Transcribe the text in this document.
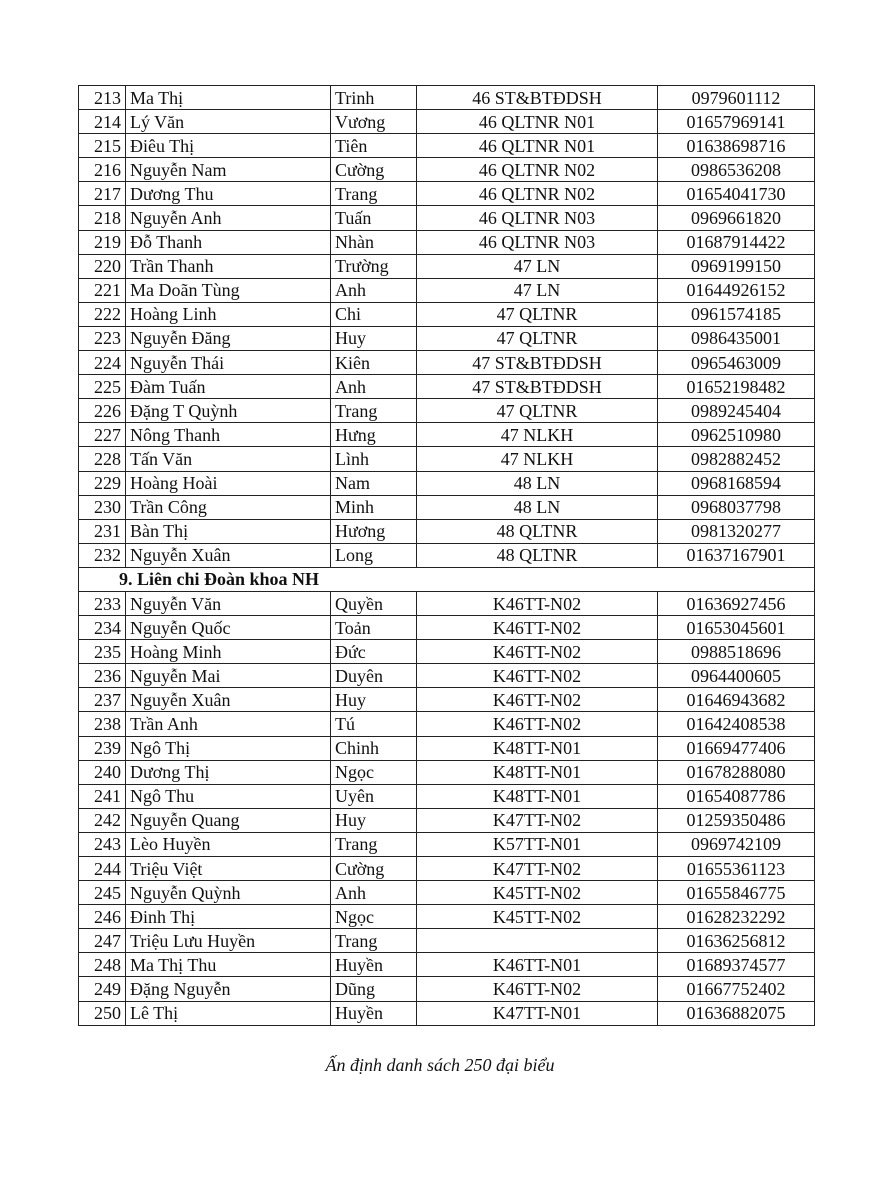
213	Ma Thị	Trinh	46 ST&BTĐDSH	0979601112
214	Lý Văn	Vương	46 QLTNR N01	01657969141
215	Điêu Thị	Tiên	46 QLTNR N01	01638698716
216	Nguyễn Nam	Cường	46 QLTNR N02	0986536208
217	Dương Thu	Trang	46 QLTNR N02	01654041730
218	Nguyễn Anh	Tuấn	46 QLTNR N03	0969661820
219	Đỗ Thanh	Nhàn	46 QLTNR N03	01687914422
220	Trần Thanh	Trường	47 LN	0969199150
221	Ma Doãn Tùng	Anh	47 LN	01644926152
222	Hoàng Linh	Chi	47 QLTNR	0961574185
223	Nguyễn Đăng	Huy	47 QLTNR	0986435001
224	Nguyễn Thái	Kiên	47 ST&BTĐDSH	0965463009
225	Đàm Tuấn	Anh	47 ST&BTĐDSH	01652198482
226	Đặng T Quỳnh	Trang	47 QLTNR	0989245404
227	Nông Thanh	Hưng	47 NLKH	0962510980
228	Tấn Văn	Lình	47 NLKH	0982882452
229	Hoàng Hoài	Nam	48 LN	0968168594
230	Trần Công	Minh	48 LN	0968037798
231	Bàn Thị	Hương	48 QLTNR	0981320277
232	Nguyễn Xuân	Long	48 QLTNR	01637167901
9. Liên chi Đoàn khoa NH				
233	Nguyễn Văn	Quyền	K46TT-N02	01636927456
234	Nguyễn Quốc	Toản	K46TT-N02	01653045601
235	Hoàng Minh	Đức	K46TT-N02	0988518696
236	Nguyễn Mai	Duyên	K46TT-N02	0964400605
237	Nguyễn Xuân	Huy	K46TT-N02	01646943682
238	Trần Anh	Tú	K46TT-N02	01642408538
239	Ngô Thị	Chinh	K48TT-N01	01669477406
240	Dương Thị	Ngọc	K48TT-N01	01678288080
241	Ngô Thu	Uyên	K48TT-N01	01654087786
242	Nguyễn Quang	Huy	K47TT-N02	01259350486
243	Lèo Huyền	Trang	K57TT-N01	0969742109
244	Triệu Việt	Cường	K47TT-N02	01655361123
245	Nguyễn Quỳnh	Anh	K45TT-N02	01655846775
246	Đinh Thị	Ngọc	K45TT-N02	01628232292
247	Triệu Lưu Huyền	Trang		01636256812
248	Ma Thị Thu	Huyền	K46TT-N01	01689374577
249	Đặng Nguyễn	Dũng	K46TT-N02	01667752402
250	Lê Thị	Huyền	K47TT-N01	01636882075
Ấn định danh sách 250 đại biểu
